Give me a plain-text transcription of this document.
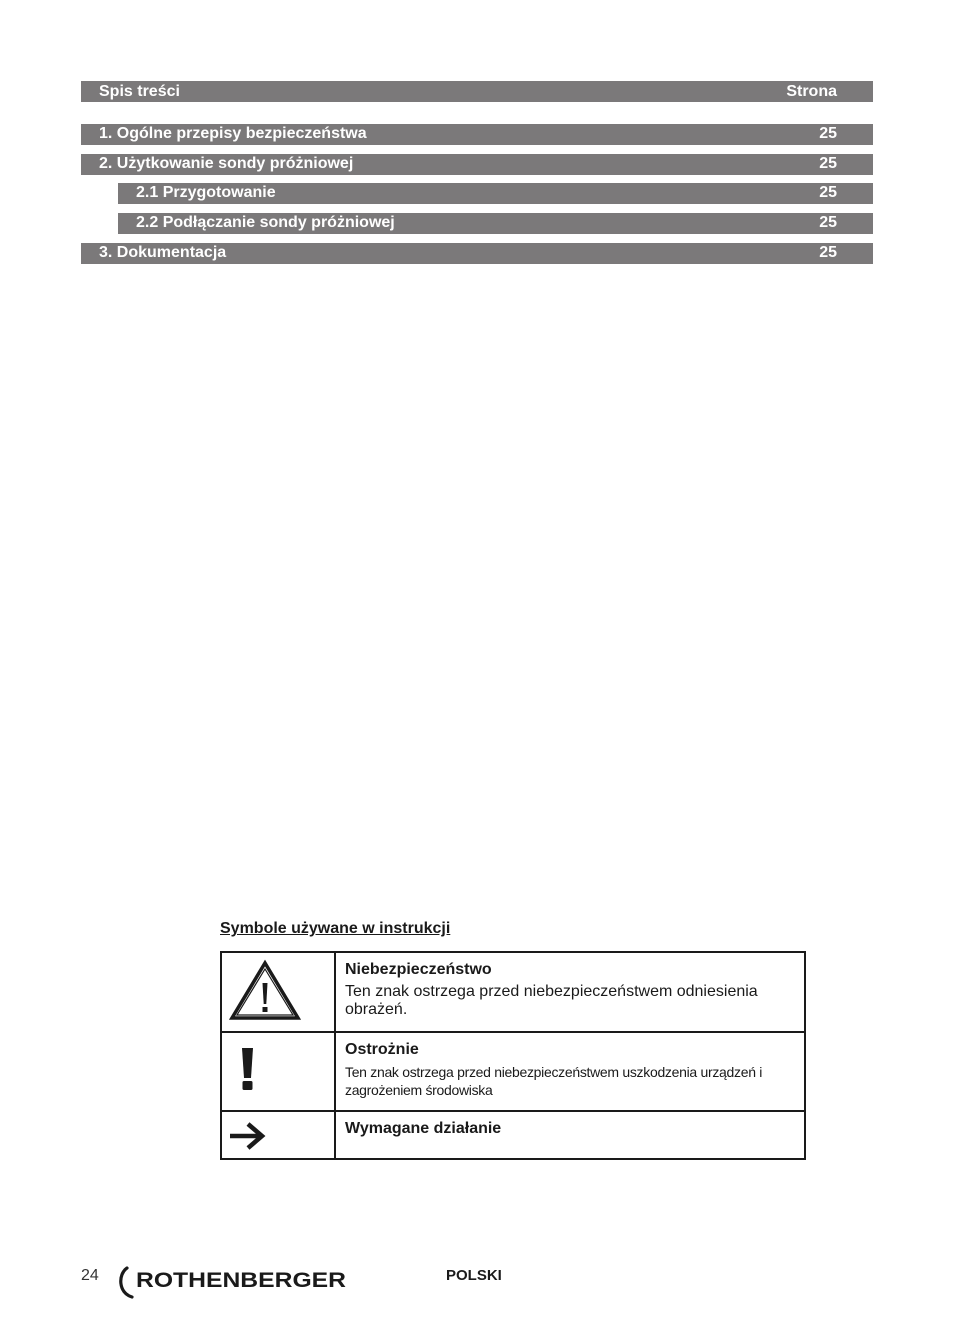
Spis treści	Strona
1. Ogólne przepisy bezpieczeństwa	25
2. Użytkowanie sondy próżniowej	25
2.1 Przygotowanie	25
2.2 Podłączanie sondy próżniowej	25
3. Dokumentacja	25
Symbole używane w instrukcji
Niebezpieczeństwo
Ten znak ostrzega przed niebezpieczeństwem odniesienia obrażeń.
Ostrożnie
Ten znak ostrzega przed niebezpieczeństwem uszkodzenia urządzeń i zagrożeniem środowiska
Wymagane działanie
24 ROTHENBERGER	POLSKI
